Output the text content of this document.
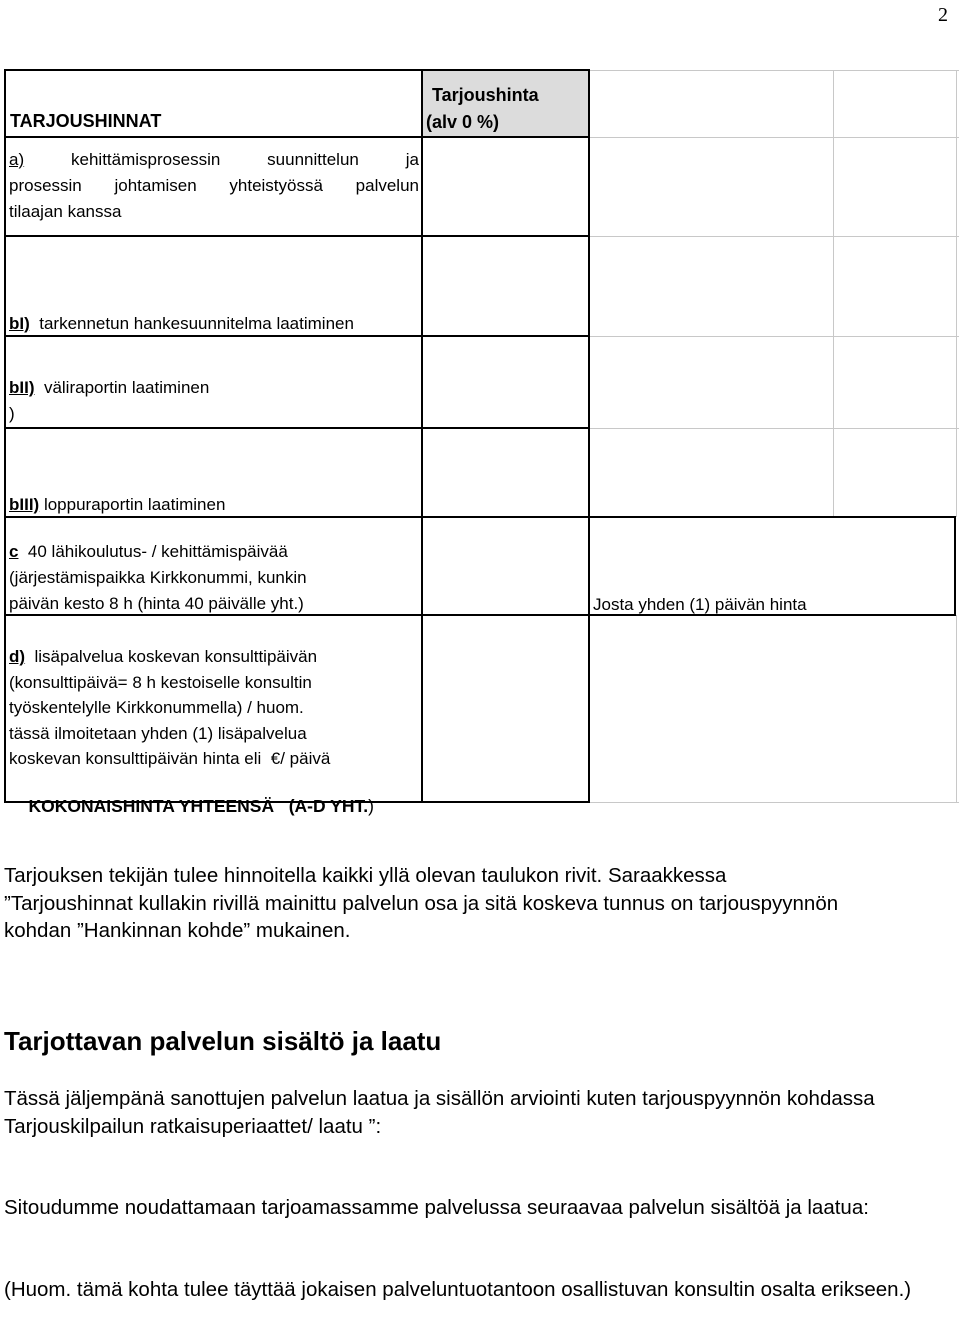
2
TARJOUSHINNAT
Tarjoushinta
(alv 0 %)
a)	kehittämisprosessin suunnittelun ja
prosessin johtamisen yhteistyössä palvelun
tilaajan kanssa
bI) tarkennetun hankesuunnitelma laatiminen
bII) väliraportin laatiminen
)
bIII) loppuraportin laatiminen
c 40 lähikoulutus- / kehittämispäivää
(järjestämispaikka Kirkkonummi, kunkin
päivän kesto 8 h (hinta 40 päivälle yht.)	Josta yhden (1) päivän hinta
d) lisäpalvelua koskevan konsulttipäivän
(konsulttipäivä= 8 h kestoiselle konsultin
työskentelylle Kirkkonummella) / huom.
tässä ilmoitetaan yhden (1) lisäpalvelua
koskevan konsulttipäivän hinta eli  €/ päivä

KOKONAISHINTA YHTEENSÄ   (A-D YHT.)

Tarjouksen tekijän tulee hinnoitella kaikki yllä olevan taulukon rivit. Saraakkessa ”Tarjoushinnat kullakin rivillä mainittu palvelun osa ja sitä koskeva tunnus on tarjouspyynnön kohdan ”Hankinnan kohde” mukainen.
Tarjottavan palvelun sisältö ja laatu
Tässä jäljempänä sanottujen palvelun laatua ja sisällön arviointi kuten tarjouspyynnön kohdassa Tarjouskilpailun ratkaisuperiaattet/ laatu ”:
Sitoudumme noudattamaan tarjoamassamme palvelussa seuraavaa palvelun sisältöä ja laatua:
(Huom. tämä kohta tulee täyttää jokaisen palveluntuotantoon osallistuvan konsultin osalta erikseen.)
